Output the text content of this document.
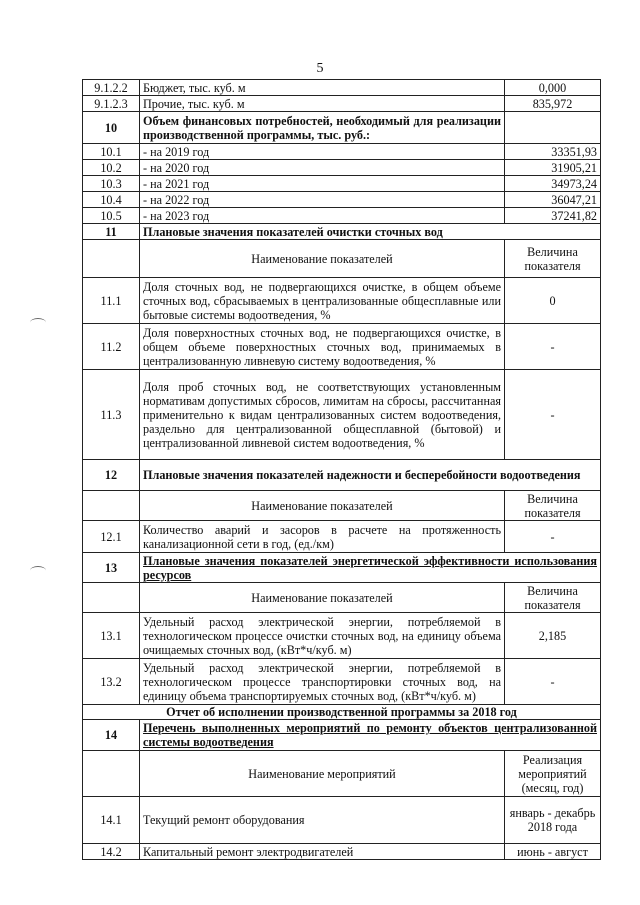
5
9.1.2.2	Бюджет, тыс. куб. м	0,000
9.1.2.3	Прочие, тыс. куб. м	835,972
10	Объем финансовых потребностей, необходимый для реализации производственной программы, тыс. руб.:	
10.1	- на 2019 год	33351,93
10.2	- на 2020 год	31905,21
10.3	- на 2021 год	34973,24
10.4	- на 2022 год	36047,21
10.5	- на 2023 год	37241,82
11	Плановые значения показателей очистки сточных вод	
	Наименование показателей	Величина показателя
11.1	Доля сточных вод, не подвергающихся очистке, в общем объеме сточных вод, сбрасываемых в централизованные общесплавные или бытовые системы водоотведения, %	0
11.2	Доля поверхностных сточных вод, не подвергающихся очистке, в общем объеме поверхностных сточных вод, принимаемых в централизованную ливневую систему водоотведения, %	-
11.3	Доля проб сточных вод, не соответствующих установленным нормативам допустимых сбросов, лимитам на сбросы, рассчитанная применительно к видам централизованных систем водоотведения, раздельно для централизованной общесплавной (бытовой) и централизованной ливневой систем водоотведения, %	-
12	Плановые значения показателей надежности и бесперебойности водоотведения	
	Наименование показателей	Величина показателя
12.1	Количество аварий и засоров в расчете на протяженность канализационной сети в год, (ед./км)	-
13	Плановые значения показателей энергетической эффективности использования ресурсов	
	Наименование показателей	Величина показателя
13.1	Удельный расход электрической энергии, потребляемой в технологическом процессе очистки сточных вод, на единицу объема очищаемых сточных вод, (кВт*ч/куб. м)	2,185
13.2	Удельный расход электрической энергии, потребляемой в технологическом процессе транспортировки сточных вод, на единицу объема транспортируемых сточных вод, (кВт*ч/куб. м)	-
Отчет об исполнении производственной программы за 2018 год		
14	Перечень выполненных мероприятий по ремонту объектов централизованной системы водоотведения	
	Наименование мероприятий	Реализация мероприятий (месяц, год)
14.1	Текущий ремонт оборудования	январь - декабрь 2018 года
14.2	Капитальный ремонт электродвигателей	июнь - август
